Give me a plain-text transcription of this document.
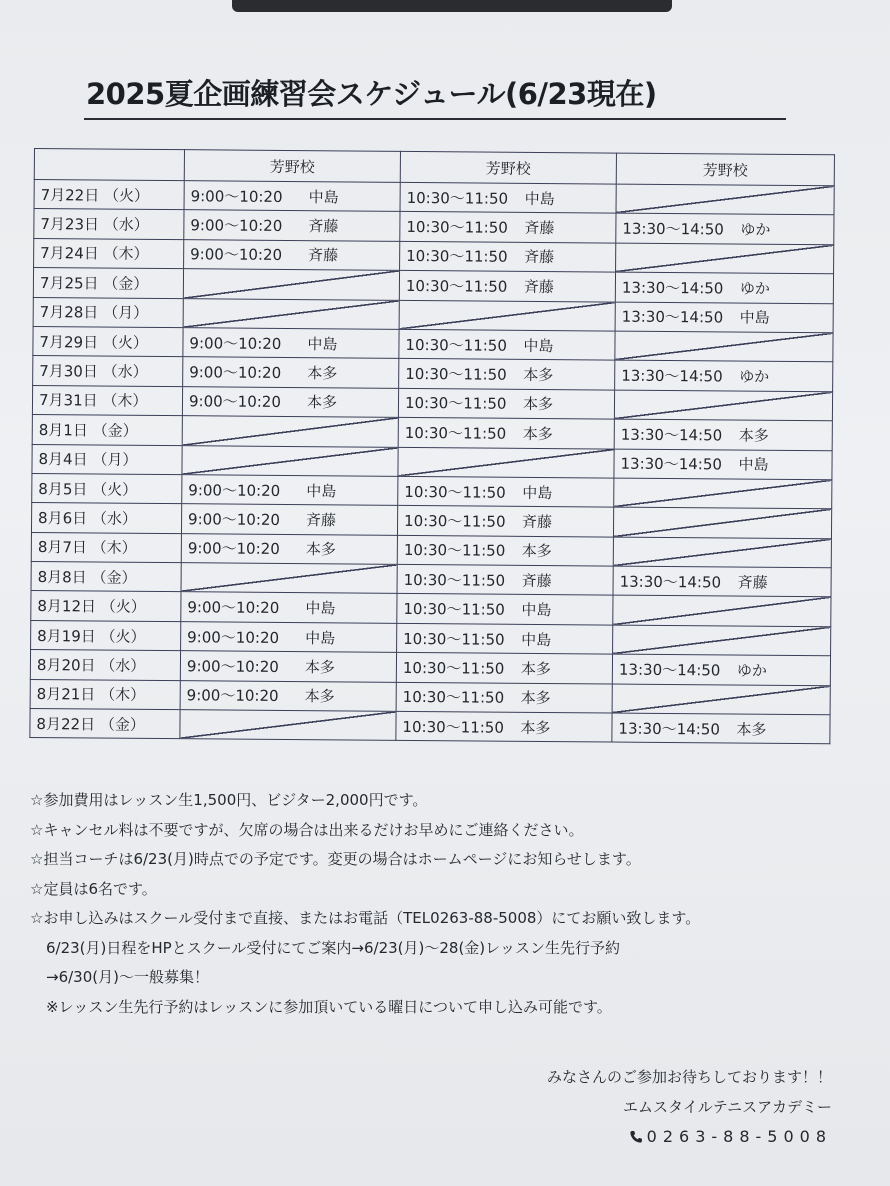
2025夏企画練習会スケジュール(6/23現在)
	芳野校	芳野校	芳野校
7月22日 （火）	9:00〜10:20 中島	10:30〜11:50 中島	
7月23日 （水）	9:00〜10:20 斉藤	10:30〜11:50 斉藤	13:30〜14:50 ゆか
7月24日 （木）	9:00〜10:20 斉藤	10:30〜11:50 斉藤	
7月25日 （金）		10:30〜11:50 斉藤	13:30〜14:50 ゆか
7月28日 （月）			13:30〜14:50 中島
7月29日 （火）	9:00〜10:20 中島	10:30〜11:50 中島	
7月30日 （水）	9:00〜10:20 本多	10:30〜11:50 本多	13:30〜14:50 ゆか
7月31日 （木）	9:00〜10:20 本多	10:30〜11:50 本多	
8月1日 （金）		10:30〜11:50 本多	13:30〜14:50 本多
8月4日 （月）			13:30〜14:50 中島
8月5日 （火）	9:00〜10:20 中島	10:30〜11:50 中島	
8月6日 （水）	9:00〜10:20 斉藤	10:30〜11:50 斉藤	
8月7日 （木）	9:00〜10:20 本多	10:30〜11:50 本多	
8月8日 （金）		10:30〜11:50 斉藤	13:30〜14:50 斉藤
8月12日 （火）	9:00〜10:20 中島	10:30〜11:50 中島	
8月19日 （火）	9:00〜10:20 中島	10:30〜11:50 中島	
8月20日 （水）	9:00〜10:20 本多	10:30〜11:50 本多	13:30〜14:50 ゆか
8月21日 （木）	9:00〜10:20 本多	10:30〜11:50 本多	
8月22日 （金）		10:30〜11:50 本多	13:30〜14:50 本多

☆参加費用はレッスン生1,500円、ビジター2,000円です。

☆キャンセル料は不要ですが、欠席の場合は出来るだけお早めにご連絡ください。

☆担当コーチは6/23(月)時点での予定です。変更の場合はホームページにお知らせします。

☆定員は6名です。

☆お申し込みはスクール受付まで直接、またはお電話（TEL0263-88-5008）にてお願い致します。

6/23(月)日程をHPとスクール受付にてご案内→6/23(月)〜28(金)レッスン生先行予約

→6/30(月)〜一般募集！

※レッスン生先行予約はレッスンに参加頂いている曜日について申し込み可能です。

みなさんのご参加お待ちしております！！

エムスタイルテニスアカデミー

0263-88-5008
